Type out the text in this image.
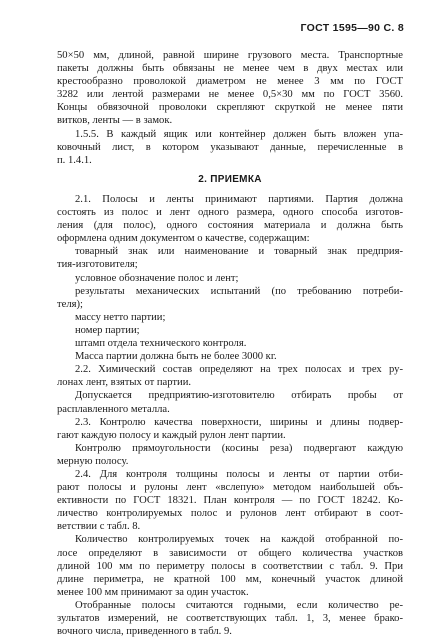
ГОСТ 1595—90 С. 8

50×50 мм, длиной, равной ширине грузового места. Транспортные

пакеты должны быть обвязаны не менее чем в двух местах или

крестообразно проволокой диаметром не менее 3 мм по ГОСТ

3282 или лентой размерами не менее 0,5×30 мм по ГОСТ 3560.

Концы обвязочной проволоки скрепляют скруткой не менее пяти

витков, ленты — в замок.

1.5.5. В каждый ящик или контейнер должен быть вложен упа-

ковочный лист, в котором указывают данные, перечисленные в

п. 1.4.1.

2. ПРИЕМКА

2.1. Полосы и ленты принимают партиями. Партия должна

состоять из полос и лент одного размера, одного способа изготов-

ления (для полос), одного состояния материала и должна быть

оформлена одним документом о качестве, содержащим:

товарный знак или наименование и товарный знак предприя-

тия-изготовителя;

условное обозначение полос и лент;

результаты механических испытаний (по требованию потреби-

теля);

массу нетто партии;

номер партии;

штамп отдела технического контроля.

Масса партии должна быть не более 3000 кг.

2.2. Химический состав определяют на трех полосах и трех ру-

лонах лент, взятых от партии.

Допускается предприятию-изготовителю отбирать пробы от

расплавленного металла.

2.3. Контролю качества поверхности, ширины и длины подвер-

гают каждую полосу и каждый рулон лент партии.

Контролю прямоугольности (косины реза) подвергают каждую

мерную полосу.

2.4. Для контроля толщины полосы и ленты от партии отби-

рают полосы и рулоны лент «вслепую» методом наибольшей объ-

ективности по ГОСТ 18321. План контроля — по ГОСТ 18242. Ко-

личество контролируемых полос и рулонов лент отбирают в соот-

ветствии с табл. 8.

Количество контролируемых точек на каждой отобранной по-

лосе определяют в зависимости от общего количества участков

длиной 100 мм по периметру полосы в соответствии с табл. 9. При

длине периметра, не кратной 100 мм, конечный участок длиной

менее 100 мм принимают за один участок.

Отобранные полосы считаются годными, если количество ре-

зультатов измерений, не соответствующих табл. 1, 3, менее брако-

вочного числа, приведенного в табл. 9.
